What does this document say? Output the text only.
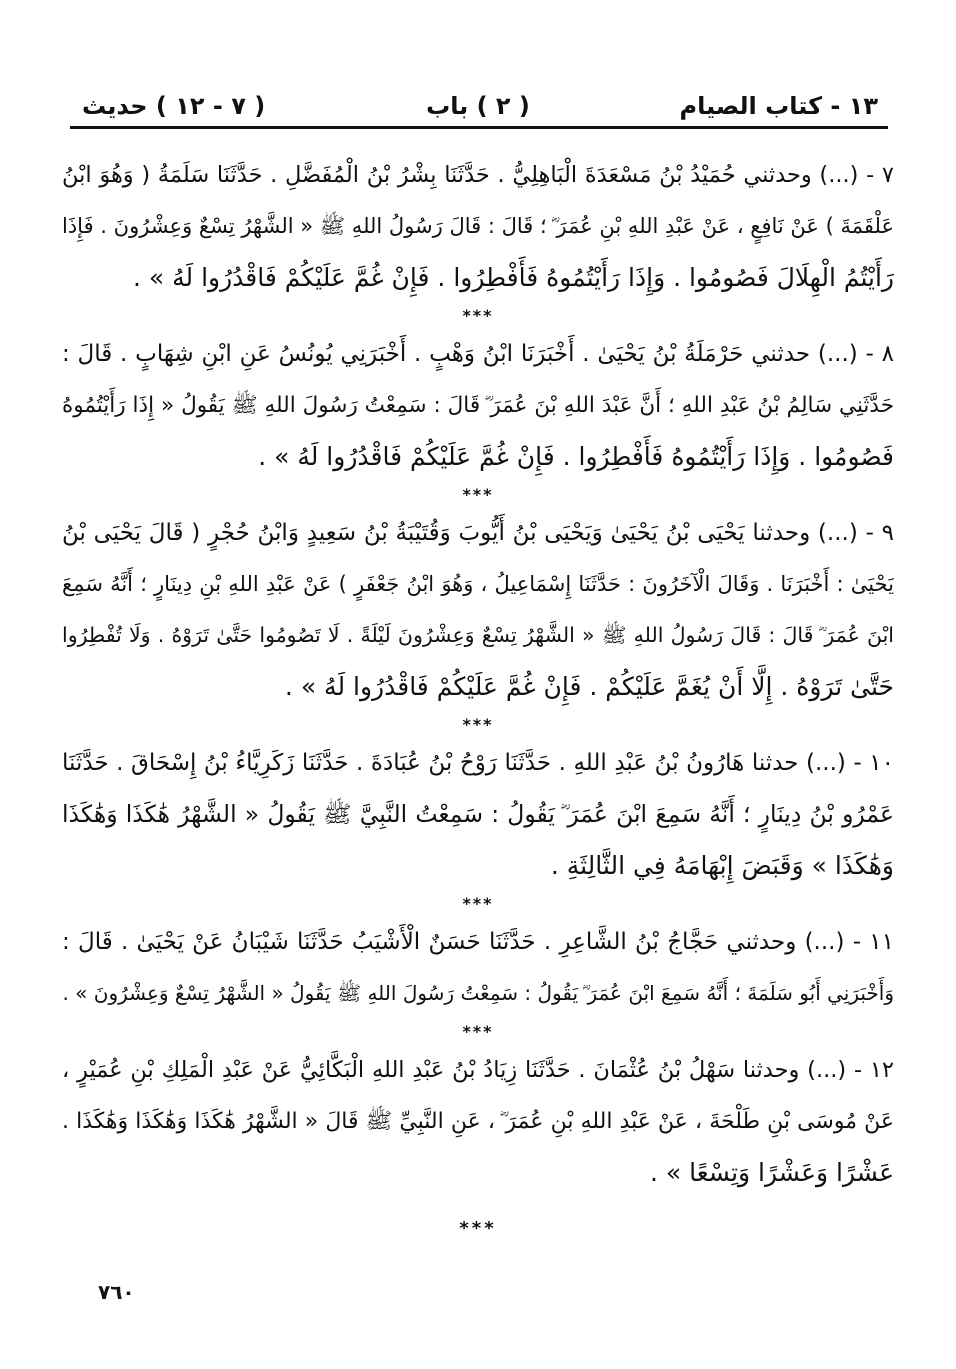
١٣ - كتاب الصيام
( ٢ ) باب
( ٧ - ١٢ ) حديث
٧ - (...) وحدثني حُمَيْدُ بْنُ مَسْعَدَةَ الْبَاهِلِيُّ . حَدَّثَنَا بِشْرُ بْنُ الْمُفَضَّلِ . حَدَّثَنَا سَلَمَةُ ( وَهُوَ ابْنُ
عَلْقَمَةَ ) عَنْ نَافِعٍ ، عَنْ عَبْدِ اللهِ بْنِ عُمَرَ ؓ ؛ قَالَ : قَالَ رَسُولُ اللهِ ﷺ « الشَّهْرُ تِسْعٌ وَعِشْرُونَ . فَإِذَا
رَأَيْتُمُ الْهِلَالَ فَصُومُوا . وَإِذَا رَأَيْتُمُوهُ فَأَفْطِرُوا . فَإِنْ غُمَّ عَلَيْكُمْ فَاقْدُرُوا لَهُ » .
***
٨ - (...) حدثني حَرْمَلَةُ بْنُ يَحْيَىٰ . أَخْبَرَنَا ابْنُ وَهْبٍ . أَخْبَرَنِي يُونُسُ عَنِ ابْنِ شِهَابٍ . قَالَ :
حَدَّثَنِي سَالِمُ بْنُ عَبْدِ اللهِ ؛ أَنَّ عَبْدَ اللهِ بْنَ عُمَرَ ؓ قَالَ : سَمِعْتُ رَسُولَ اللهِ ﷺ يَقُولُ « إِذَا رَأَيْتُمُوهُ
فَصُومُوا . وَإِذَا رَأَيْتُمُوهُ فَأَفْطِرُوا . فَإِنْ غُمَّ عَلَيْكُمْ فَاقْدُرُوا لَهُ » .
***
٩ - (...) وحدثنا يَحْيَى بْنُ يَحْيَىٰ وَيَحْيَى بْنُ أَيُّوبَ وَقُتَيْبَةُ بْنُ سَعِيدٍ وَابْنُ حُجْرٍ ( قَالَ يَحْيَى بْنُ
يَحْيَىٰ : أَخْبَرَنَا . وَقَالَ الْآخَرُونَ : حَدَّثَنَا إِسْمَاعِيلُ ، وَهُوَ ابْنُ جَعْفَرٍ ) عَنْ عَبْدِ اللهِ بْنِ دِينَارٍ ؛ أَنَّهُ سَمِعَ
ابْنَ عُمَرَ ؓ قَالَ : قَالَ رَسُولُ اللهِ ﷺ « الشَّهْرُ تِسْعٌ وَعِشْرُونَ لَيْلَةً . لَا تَصُومُوا حَتَّىٰ تَرَوْهُ . وَلَا تُفْطِرُوا
حَتَّىٰ تَرَوْهُ . إِلَّا أَنْ يُغَمَّ عَلَيْكُمْ . فَإِنْ غُمَّ عَلَيْكُمْ فَاقْدُرُوا لَهُ » .
***
١٠ - (...) حدثنا هَارُونُ بْنُ عَبْدِ اللهِ . حَدَّثَنَا رَوْحُ بْنُ عُبَادَةَ . حَدَّثَنَا زَكَرِيَّاءُ بْنُ إِسْحَاقَ . حَدَّثَنَا
عَمْرُو بْنُ دِينَارٍ ؛ أَنَّهُ سَمِعَ ابْنَ عُمَرَ ؓ يَقُولُ : سَمِعْتُ النَّبِيَّ ﷺ يَقُولُ « الشَّهْرُ هَٰكَذَا وَهَٰكَذَا
وَهَٰكَذَا » وَقَبَضَ إِبْهَامَهُ فِي الثَّالِثَةِ .
***
١١ - (...) وحدثني حَجَّاجُ بْنُ الشَّاعِرِ . حَدَّثَنَا حَسَنٌ الْأَشْيَبُ حَدَّثَنَا شَيْبَانُ عَنْ يَحْيَىٰ . قَالَ :
وَأَخْبَرَنِي أَبُو سَلَمَةَ ؛ أَنَّهُ سَمِعَ ابْنَ عُمَرَ ؓ يَقُولُ : سَمِعْتُ رَسُولَ اللهِ ﷺ يَقُولُ « الشَّهْرُ تِسْعٌ وَعِشْرُونَ » .
***
١٢ - (...) وحدثنا سَهْلُ بْنُ عُثْمَانَ . حَدَّثَنَا زِيَادُ بْنُ عَبْدِ اللهِ الْبَكَّائِيُّ عَنْ عَبْدِ الْمَلِكِ بْنِ عُمَيْرٍ ،
عَنْ مُوسَى بْنِ طَلْحَةَ ، عَنْ عَبْدِ اللهِ بْنِ عُمَرَ ؓ ، عَنِ النَّبِيِّ ﷺ قَالَ « الشَّهْرُ هَٰكَذَا وَهَٰكَذَا وَهَٰكَذَا .
عَشْرًا وَعَشْرًا وَتِسْعًا » .
***
٧٦٠
